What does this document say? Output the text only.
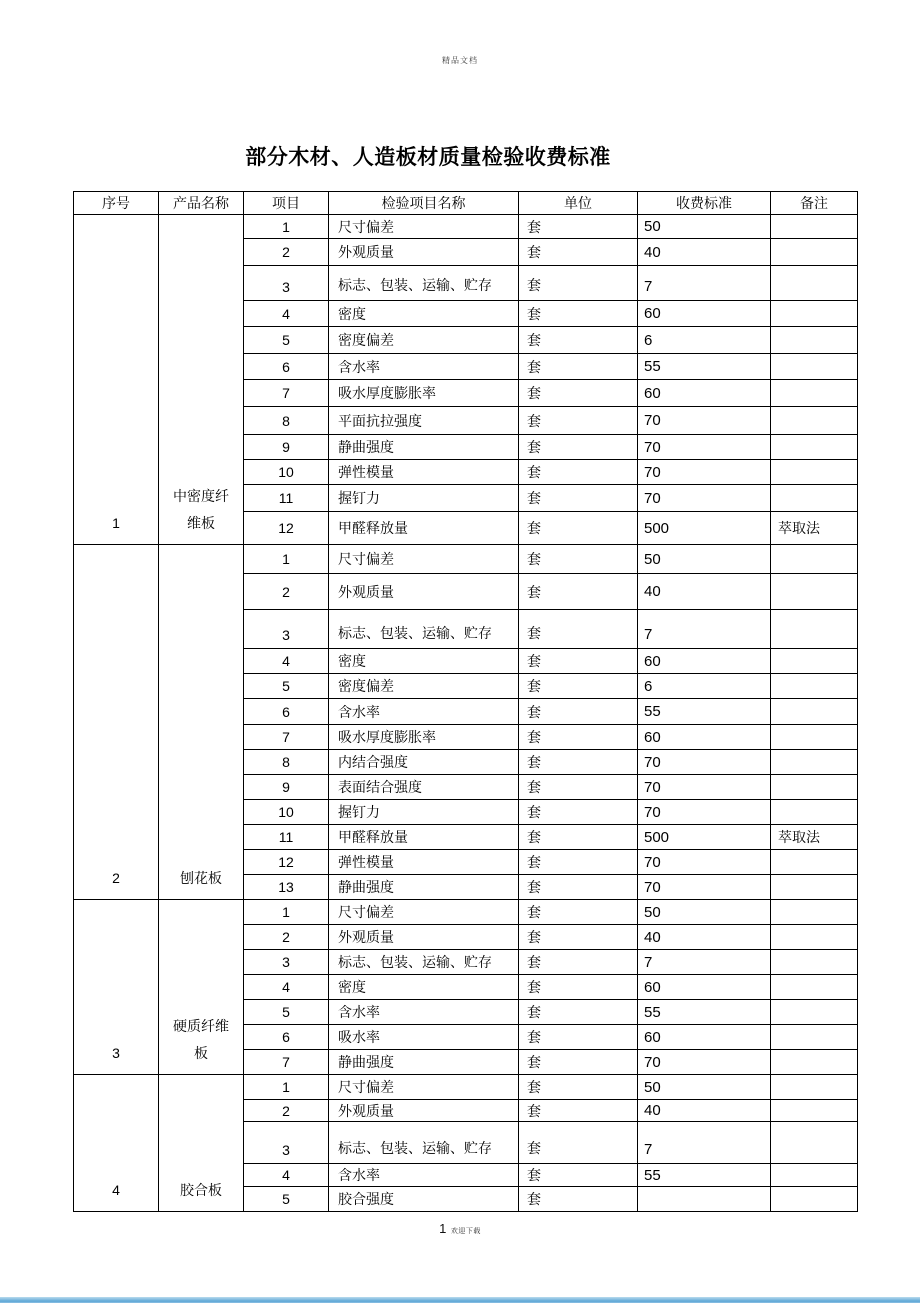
精品文档
部分木材、人造板材质量检验收费标准
序号	产品名称	项目	检验项目名称	单位	收费标准	备注
1	中密度纤维板	1	尺寸偏差	套	50	
		2	外观质量	套	40	
		3	标志、包装、运输、贮存	套	7	
		4	密度	套	60	
		5	密度偏差	套	6	
		6	含水率	套	55	
		7	吸水厚度膨胀率	套	60	
		8	平面抗拉强度	套	70	
		9	静曲强度	套	70	
		10	弹性模量	套	70	
		11	握钉力	套	70	
		12	甲醛释放量	套	500	萃取法
2	刨花板	1	尺寸偏差	套	50	
		2	外观质量	套	40	
		3	标志、包装、运输、贮存	套	7	
		4	密度	套	60	
		5	密度偏差	套	6	
		6	含水率	套	55	
		7	吸水厚度膨胀率	套	60	
		8	内结合强度	套	70	
		9	表面结合强度	套	70	
		10	握钉力	套	70	
		11	甲醛释放量	套	500	萃取法
		12	弹性模量	套	70	
		13	静曲强度	套	70	
3	硬质纤维板	1	尺寸偏差	套	50	
		2	外观质量	套	40	
		3	标志、包装、运输、贮存	套	7	
		4	密度	套	60	
		5	含水率	套	55	
		6	吸水率	套	60	
		7	静曲强度	套	70	
4	胶合板	1	尺寸偏差	套	50	
		2	外观质量	套	40	
		3	标志、包装、运输、贮存	套	7	
		4	含水率	套	55	
		5	胶合强度	套		
1 欢迎下载
